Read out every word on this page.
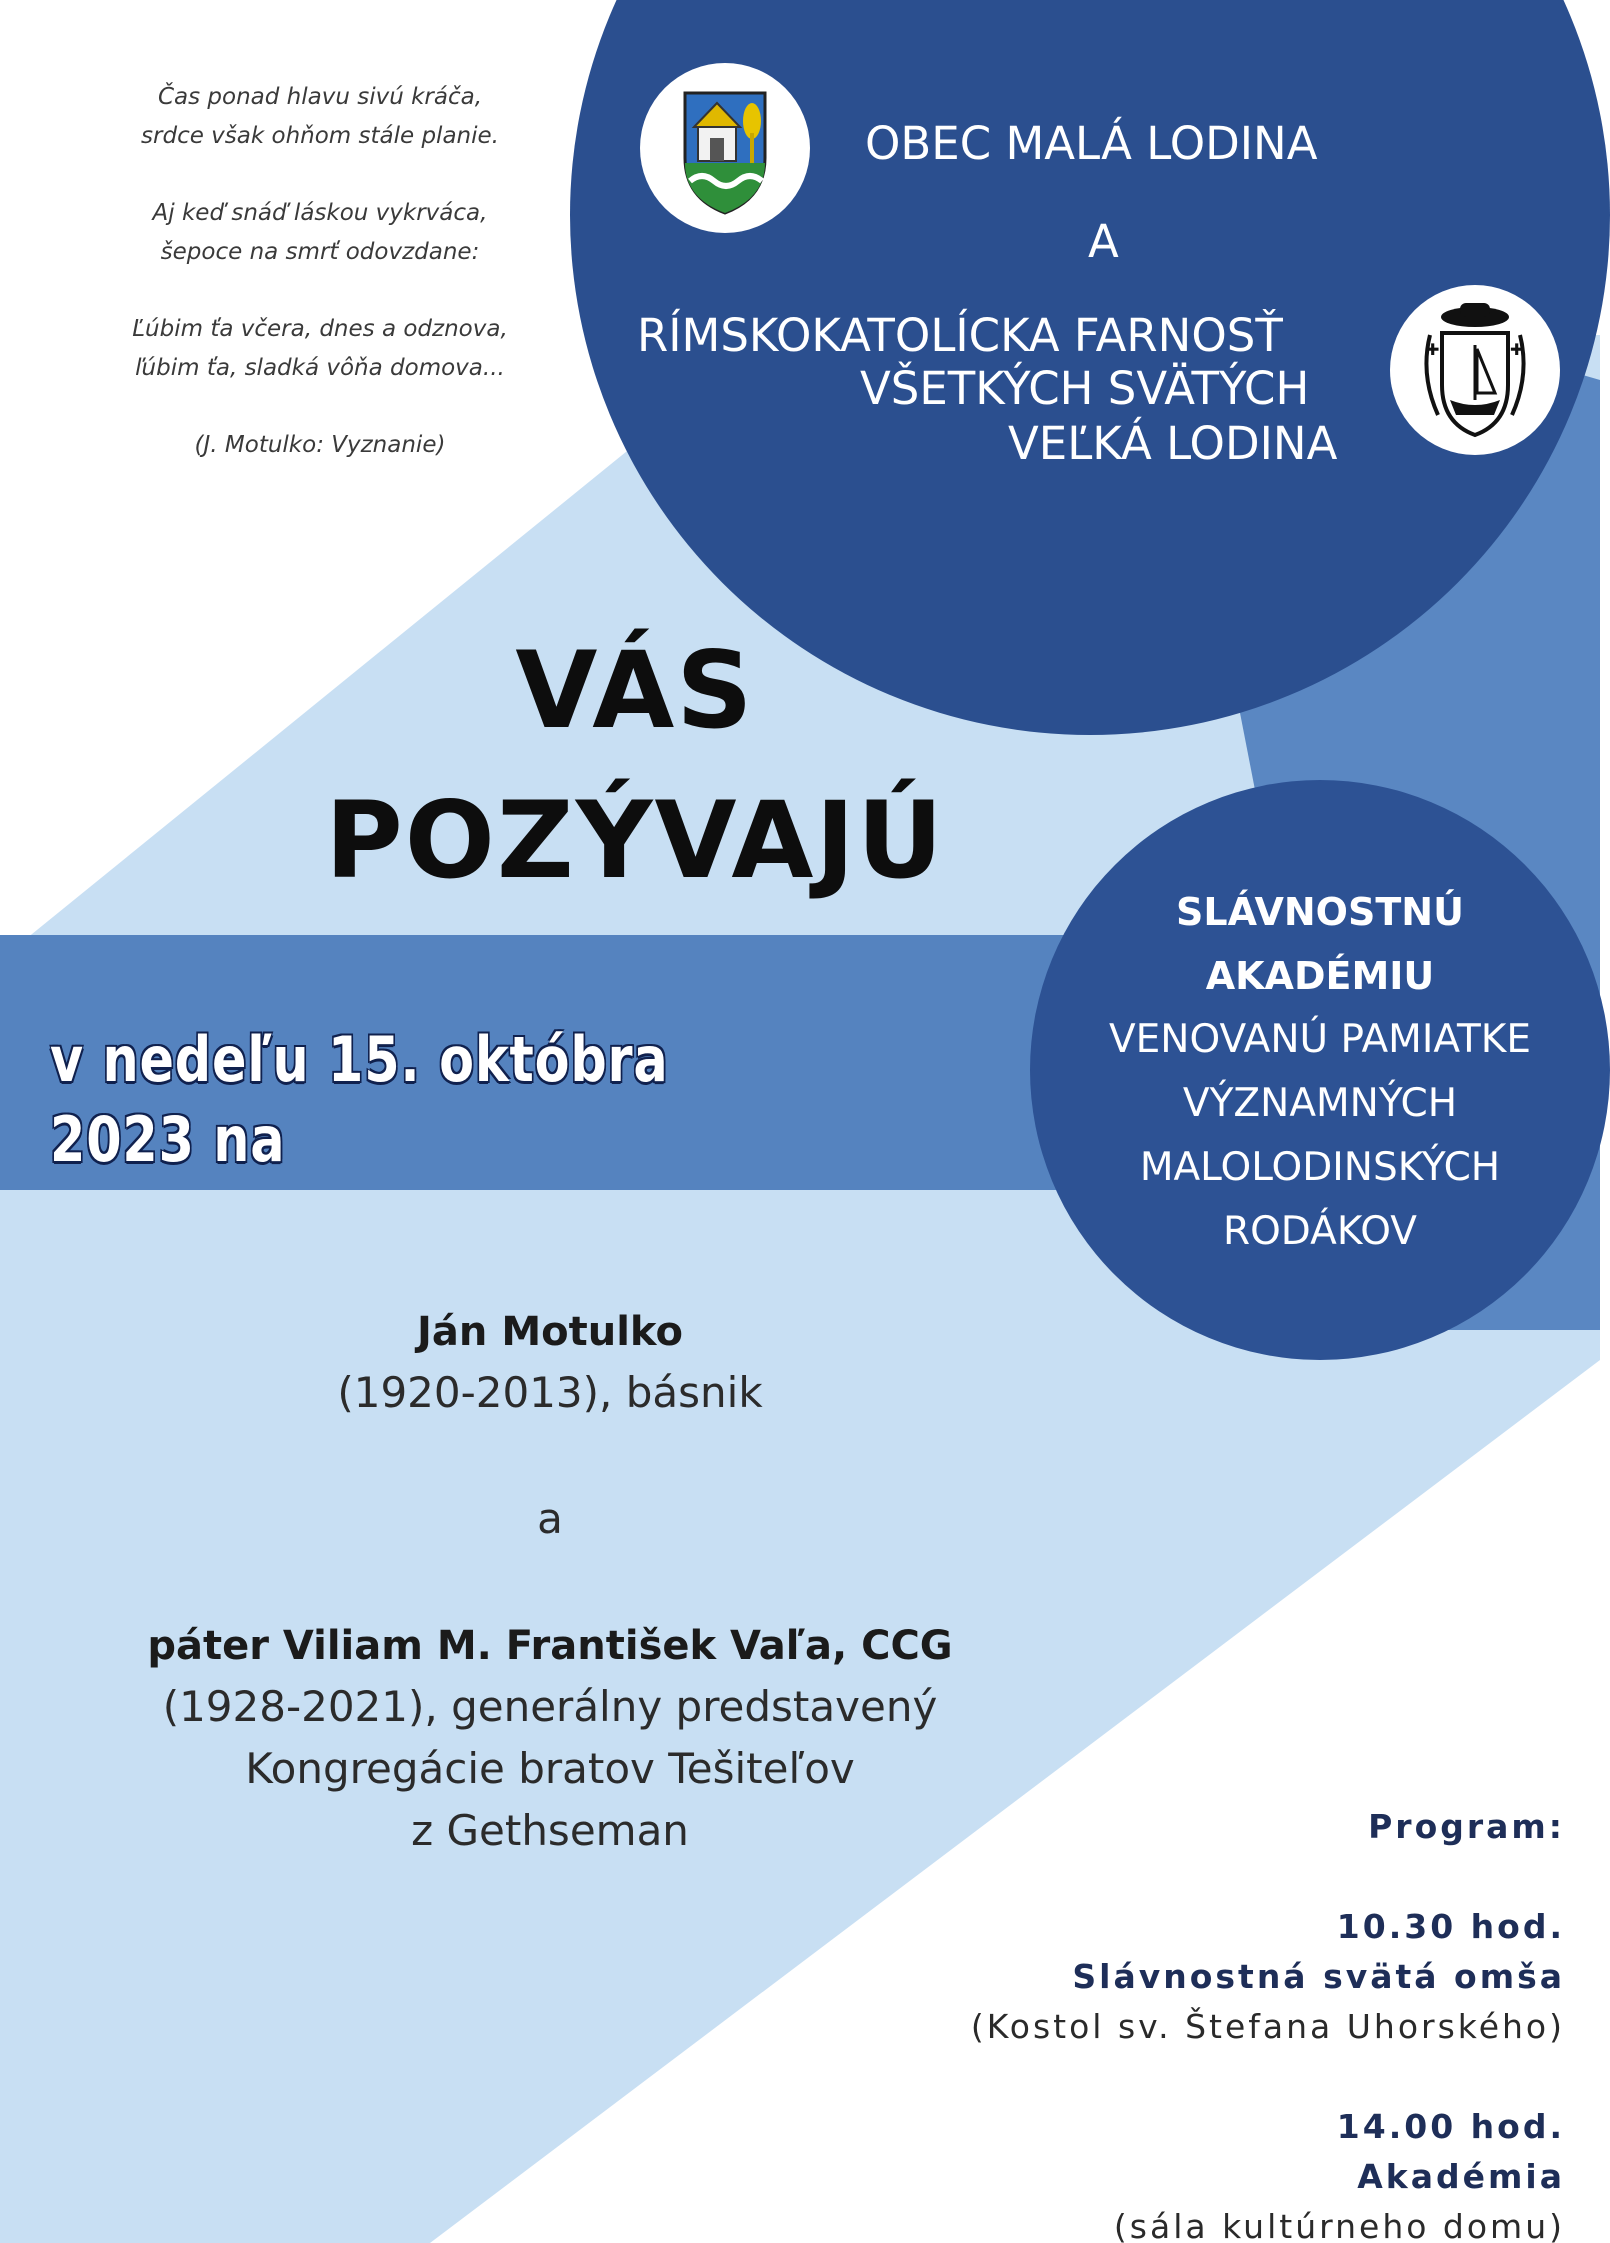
Čas ponad hlavu sivú kráča,

srdce však ohňom stále planie.

Aj keď snáď láskou vykrváca,

šepoce na smrť odovzdane:

Ľúbim ťa včera, dnes a odznova,

ľúbim ťa, sladká vôňa domova...

(J. Motulko: Vyznanie)

✚	✚
OBEC MALÁ LODINA
A
RÍMSKOKATOLÍCKA FARNOSŤ
VŠETKÝCH SVÄTÝCH
VEĽKÁ LODINA
VÁS
POZÝVAJÚ
v nedeľu 15. októbra 2023 na
SLÁVNOSTNÚ
AKADÉMIU
VENOVANÚ PAMIATKE
VÝZNAMNÝCH
MALOLODINSKÝCH
RODÁKOV
Ján Motulko
(1920-2013), básnik
a
páter Viliam M. František Vaľa, CCG
(1928-2021), generálny predstavený
Kongregácie bratov Tešiteľov
z Gethseman	Program:
10.30 hod.
Slávnostná svätá omša
(Kostol sv. Štefana Uhorského)
14.00 hod.
Akadémia
(sála kultúrneho domu)
